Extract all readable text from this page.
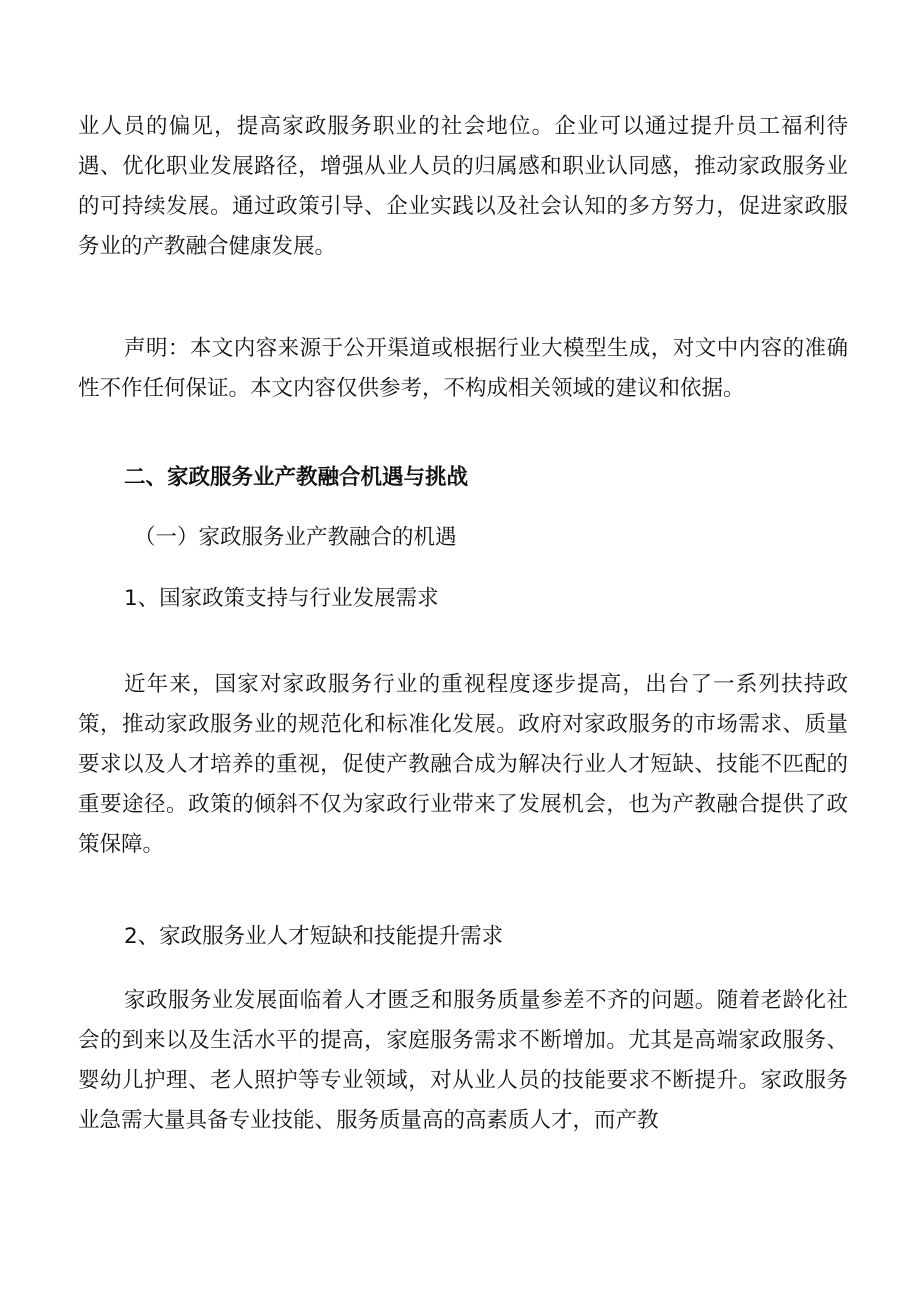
业人员的偏见，提高家政服务职业的社会地位。企业可以通过提升员工福利待遇、优化职业发展路径，增强从业人员的归属感和职业认同感，推动家政服务业的可持续发展。通过政策引导、企业实践以及社会认知的多方努力，促进家政服务业的产教融合健康发展。

声明：本文内容来源于公开渠道或根据行业大模型生成，对文中内容的准确性不作任何保证。本文内容仅供参考，不构成相关领域的建议和依据。

二、家政服务业产教融合机遇与挑战

（一）家政服务业产教融合的机遇

1、国家政策支持与行业发展需求

近年来，国家对家政服务行业的重视程度逐步提高，出台了一系列扶持政策，推动家政服务业的规范化和标准化发展。政府对家政服务的市场需求、质量要求以及人才培养的重视，促使产教融合成为解决行业人才短缺、技能不匹配的重要途径。政策的倾斜不仅为家政行业带来了发展机会，也为产教融合提供了政策保障。

2、家政服务业人才短缺和技能提升需求

家政服务业发展面临着人才匮乏和服务质量参差不齐的问题。随着老龄化社会的到来以及生活水平的提高，家庭服务需求不断增加。尤其是高端家政服务、婴幼儿护理、老人照护等专业领域，对从业人员的技能要求不断提升。家政服务业急需大量具备专业技能、服务质量高的高素质人才，而产教
